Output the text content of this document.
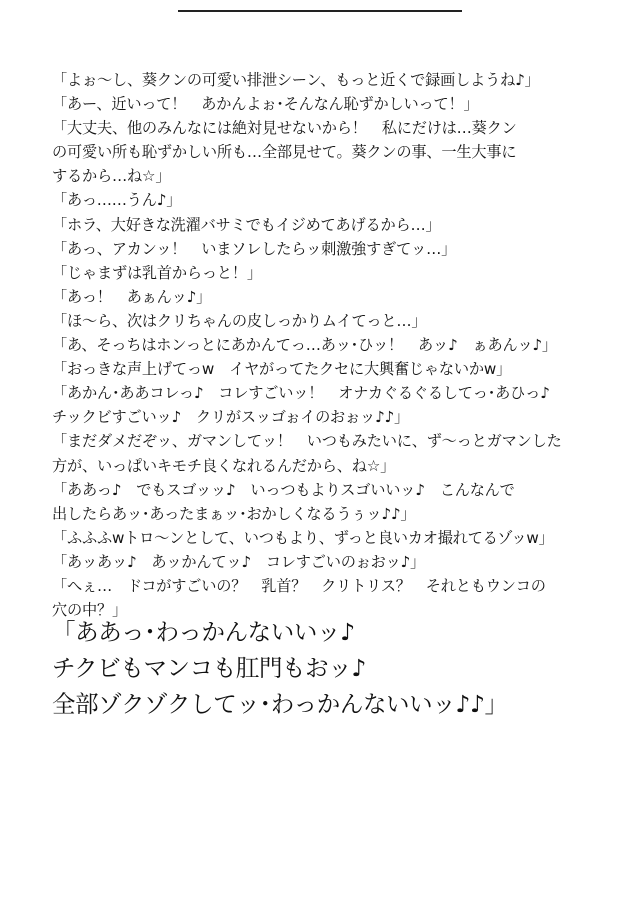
「よぉ～し、葵クンの可愛い排泄シーン、もっと近くで録画しようね♪」
「あー、近いって！　あかんよぉ･そんなん恥ずかしいって！」
「大丈夫、他のみんなには絶対見せないから！　私にだけは…葵クン
の可愛い所も恥ずかしい所も…全部見せて。葵クンの事、一生大事に
するから…ね☆」
「あっ……うん♪」
「ホラ、大好きな洗濯バサミでもイジめてあげるから…」
「あっ、アカンッ！　いまソレしたらッ刺激強すぎてッ…」
「じゃまずは乳首からっと！」
「あっ！　あぁんッ♪」
「ほ～ら、次はクリちゃんの皮しっかりムイてっと…」
「あ、そっちはホンっとにあかんてっ…あッ･ひッ！　あッ♪　ぁあんッ♪」
「おっきな声上げてっw　イヤがってたクセに大興奮じゃないかw」
「あかん･ああコレっ♪　コレすごいッ！　オナカぐるぐるしてっ･あひっ♪
チックビすごいッ♪　クリがスッゴぉイのおぉッ♪♪」
「まだダメだぞッ、ガマンしてッ！　いつもみたいに、ず～っとガマンした
方が、いっぱいキモチ良くなれるんだから、ね☆」
「ああっ♪　でもスゴッッ♪　いっつもよりスゴいいッ♪　こんなんで
出したらあッ･あったまぁッ･おかしくなるうぅッ♪♪」
「ふふふwトロ～ンとして、いつもより、ずっと良いカオ撮れてるゾッw」
「あッあッ♪　あッかんてッ♪　コレすごいのぉおッ♪」
「へぇ…　ドコがすごいの？　乳首？　クリトリス？　それともウンコの
穴の中？」
「ああっ･わっかんないいッ♪
チクビもマンコも肛門もおッ♪
全部ゾクゾクしてッ･わっかんないいッ♪♪」
